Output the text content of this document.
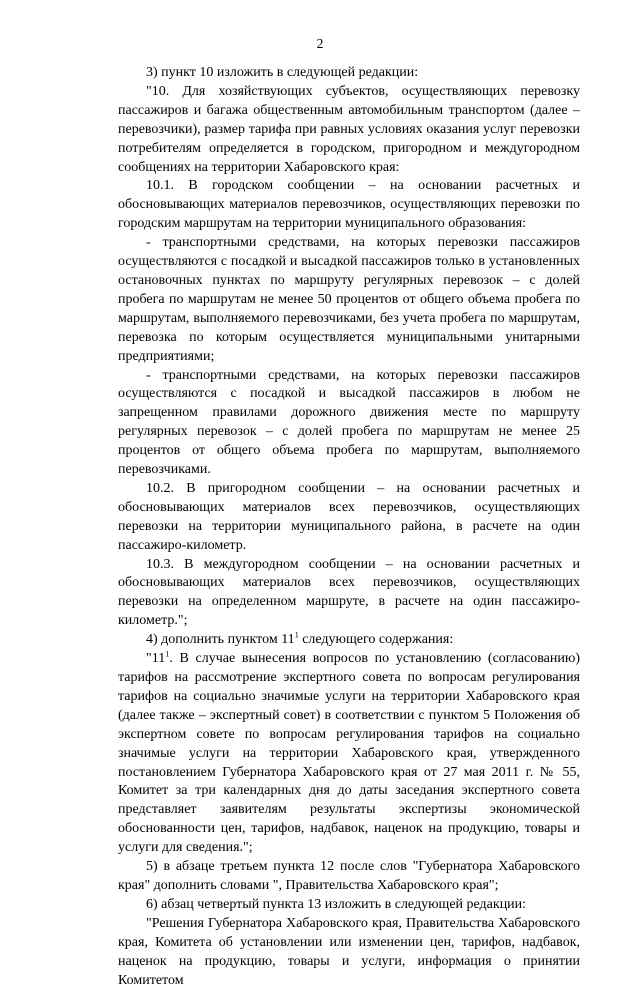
2

3) пункт 10 изложить в следующей редакции:

"10. Для хозяйствующих субъектов, осуществляющих перевозку пассажиров и багажа общественным автомобильным транспортом (далее – перевозчики), размер тарифа при равных условиях оказания услуг перевозки потребителям определяется в городском, пригородном и междугородном сообщениях на территории Хабаровского края:

10.1. В городском сообщении – на основании расчетных и обосновывающих материалов перевозчиков, осуществляющих перевозки по городским маршрутам на территории муниципального образования:

- транспортными средствами, на которых перевозки пассажиров осуществляются с посадкой и высадкой пассажиров только в установленных остановочных пунктах по маршруту регулярных перевозок – с долей пробега по маршрутам не менее 50 процентов от общего объема пробега по маршрутам, выполняемого перевозчиками, без учета пробега по маршрутам, перевозка по которым осуществляется муниципальными унитарными предприятиями;

- транспортными средствами, на которых перевозки пассажиров осуществляются с посадкой и высадкой пассажиров в любом не запрещенном правилами дорожного движения месте по маршруту регулярных перевозок – с долей пробега по маршрутам не менее 25 процентов от общего объема пробега по маршрутам, выполняемого перевозчиками.

10.2. В пригородном сообщении – на основании расчетных и обосновывающих материалов всех перевозчиков, осуществляющих перевозки на территории муниципального района, в расчете на один пассажиро-километр.

10.3. В междугородном сообщении – на основании расчетных и обосновывающих материалов всех перевозчиков, осуществляющих перевозки на определенном маршруте, в расчете на один пассажиро-километр.";

4) дополнить пунктом $11^1$ следующего содержания:

"$11^1$. В случае вынесения вопросов по установлению (согласованию) тарифов на рассмотрение экспертного совета по вопросам регулирования тарифов на социально значимые услуги на территории Хабаровского края (далее также – экспертный совет) в соответствии с пунктом 5 Положения об экспертном совете по вопросам регулирования тарифов на социально значимые услуги на территории Хабаровского края, утвержденного постановлением Губернатора Хабаровского края от 27 мая 2011 г. № 55, Комитет за три календарных дня до даты заседания экспертного совета представляет заявителям результаты экспертизы экономической обоснованности цен, тарифов, надбавок, наценок на продукцию, товары и услуги для сведения.";

5) в абзаце третьем пункта 12 после слов "Губернатора Хабаровского края" дополнить словами ", Правительства Хабаровского края";

6) абзац четвертый пункта 13 изложить в следующей редакции:

"Решения Губернатора Хабаровского края, Правительства Хабаровского края, Комитета об установлении или изменении цен, тарифов, надбавок, наценок на продукцию, товары и услуги, информация о принятии Комитетом
